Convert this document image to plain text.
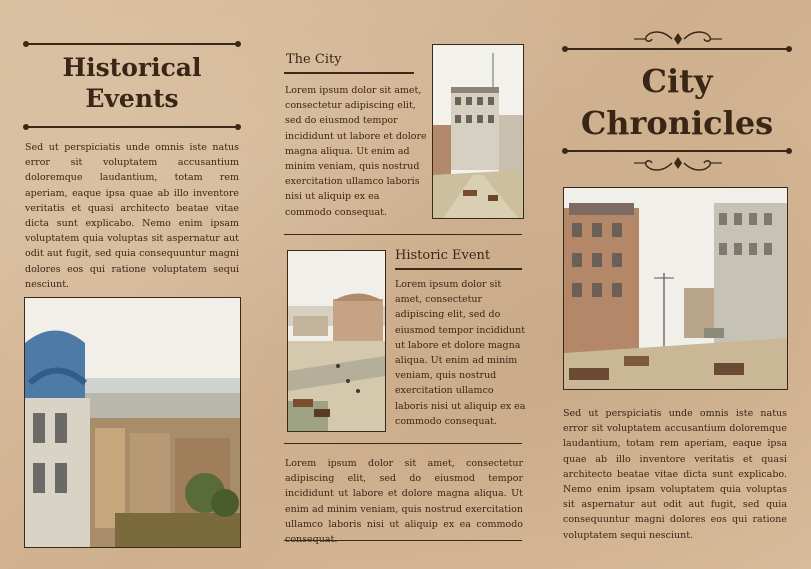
Historical
Events

Sed ut perspiciatis unde omnis iste natus error sit voluptatem accusantium doloremque laudantium, totam rem aperiam, eaque ipsa quae ab illo inventore veritatis et quasi architecto beatae vitae dicta sunt explicabo. Nemo enim ipsam voluptatem quia voluptas sit aspernatur aut odit aut fugit, sed quia consequuntur magni dolores eos qui ratione voluptatem sequi nesciunt.

The City

Lorem ipsum dolor sit amet, consectetur adipiscing elit, sed do eiusmod tempor incididunt ut labore et dolore magna aliqua. Ut enim ad minim veniam, quis nostrud exercitation ullamco laboris nisi ut aliquip ex ea commodo consequat.

Historic Event

Lorem ipsum dolor sit amet, consectetur adipiscing elit, sed do eiusmod tempor incididunt ut labore et dolore magna aliqua. Ut enim ad minim veniam, quis nostrud exercitation ullamco laboris nisi ut aliquip ex ea commodo consequat.

Lorem ipsum dolor sit amet, consectetur adipiscing elit, sed do eiusmod tempor incididunt ut labore et dolore magna aliqua. Ut enim ad minim veniam, quis nostrud exercitation ullamco laboris nisi ut aliquip ex ea commodo

City
Chronicles

Sed ut perspiciatis unde omnis iste natus error sit voluptatem accusantium doloremque laudantium, totam rem aperiam, eaque ipsa quae ab illo inventore veritatis et quasi architecto beatae vitae dicta sunt explicabo. Nemo enim ipsam voluptatem quia voluptas sit aspernatur aut odit aut fugit, sed quia consequuntur magni dolores eos qui ratione voluptatem sequi nesciunt.
